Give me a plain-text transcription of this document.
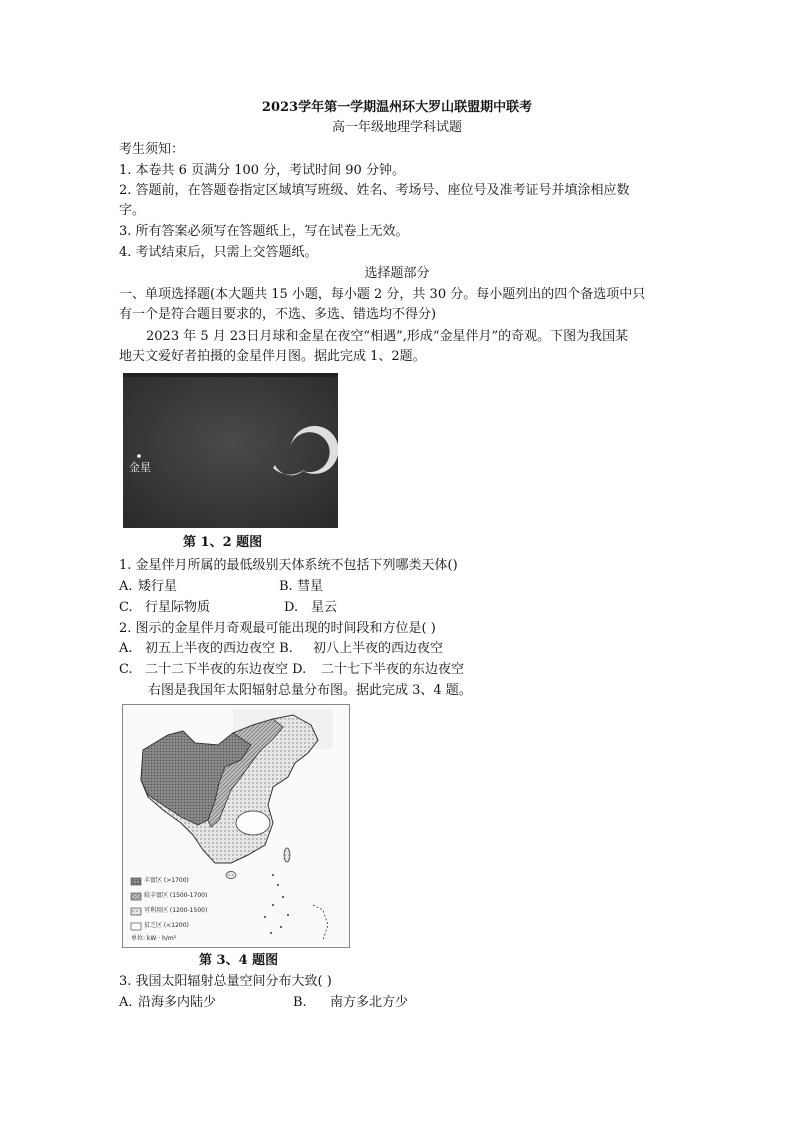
2023学年第一学期温州环大罗山联盟期中联考
高一年级地理学科试题
考生须知：
1. 本卷共 6 页满分 100 分，考试时间 90 分钟。
2. 答题前，在答题卷指定区域填写班级、姓名、考场号、座位号及准考证号并填涂相应数
字。
3. 所有答案必须写在答题纸上，写在试卷上无效。
4. 考试结束后，只需上交答题纸。
选择题部分
一、单项选择题(本大题共 15 小题，每小题 2 分，共 30 分。每小题列出的四个备选项中只
有一个是符合题目要求的，不选、多选、错选均不得分)
2023 年 5 月 23日月球和金星在夜空“相遇”,形成“金星伴月”的奇观。下图为我国某
地天文爱好者拍摄的金星伴月图。据此完成 1、2题。
金星
第 1、2 题图
1. 金星伴月所属的最低级别天体系统不包括下列哪类天体()
A. 矮行星	B. 彗星
C. 行星际物质	D. 星云
2. 图示的金星伴月奇观最可能出现的时间段和方位是( )
A. 初五上半夜的西边夜空 B. 初八上半夜的西边夜空
C. 二十二下半夜的东边夜空 D. 二十七下半夜的东边夜空
右图是我国年太阳辐射总量分布图。据此完成 3、4 题。
丰富区 (>1700)
较丰富区 (1500-1700)
可利用区 (1200-1500)
贫乏区 (<1200)
单位: kW · h/m²
第 3、4 题图
3. 我国太阳辐射总量空间分布大致( )
A. 沿海多内陆少	B. 南方多北方少
